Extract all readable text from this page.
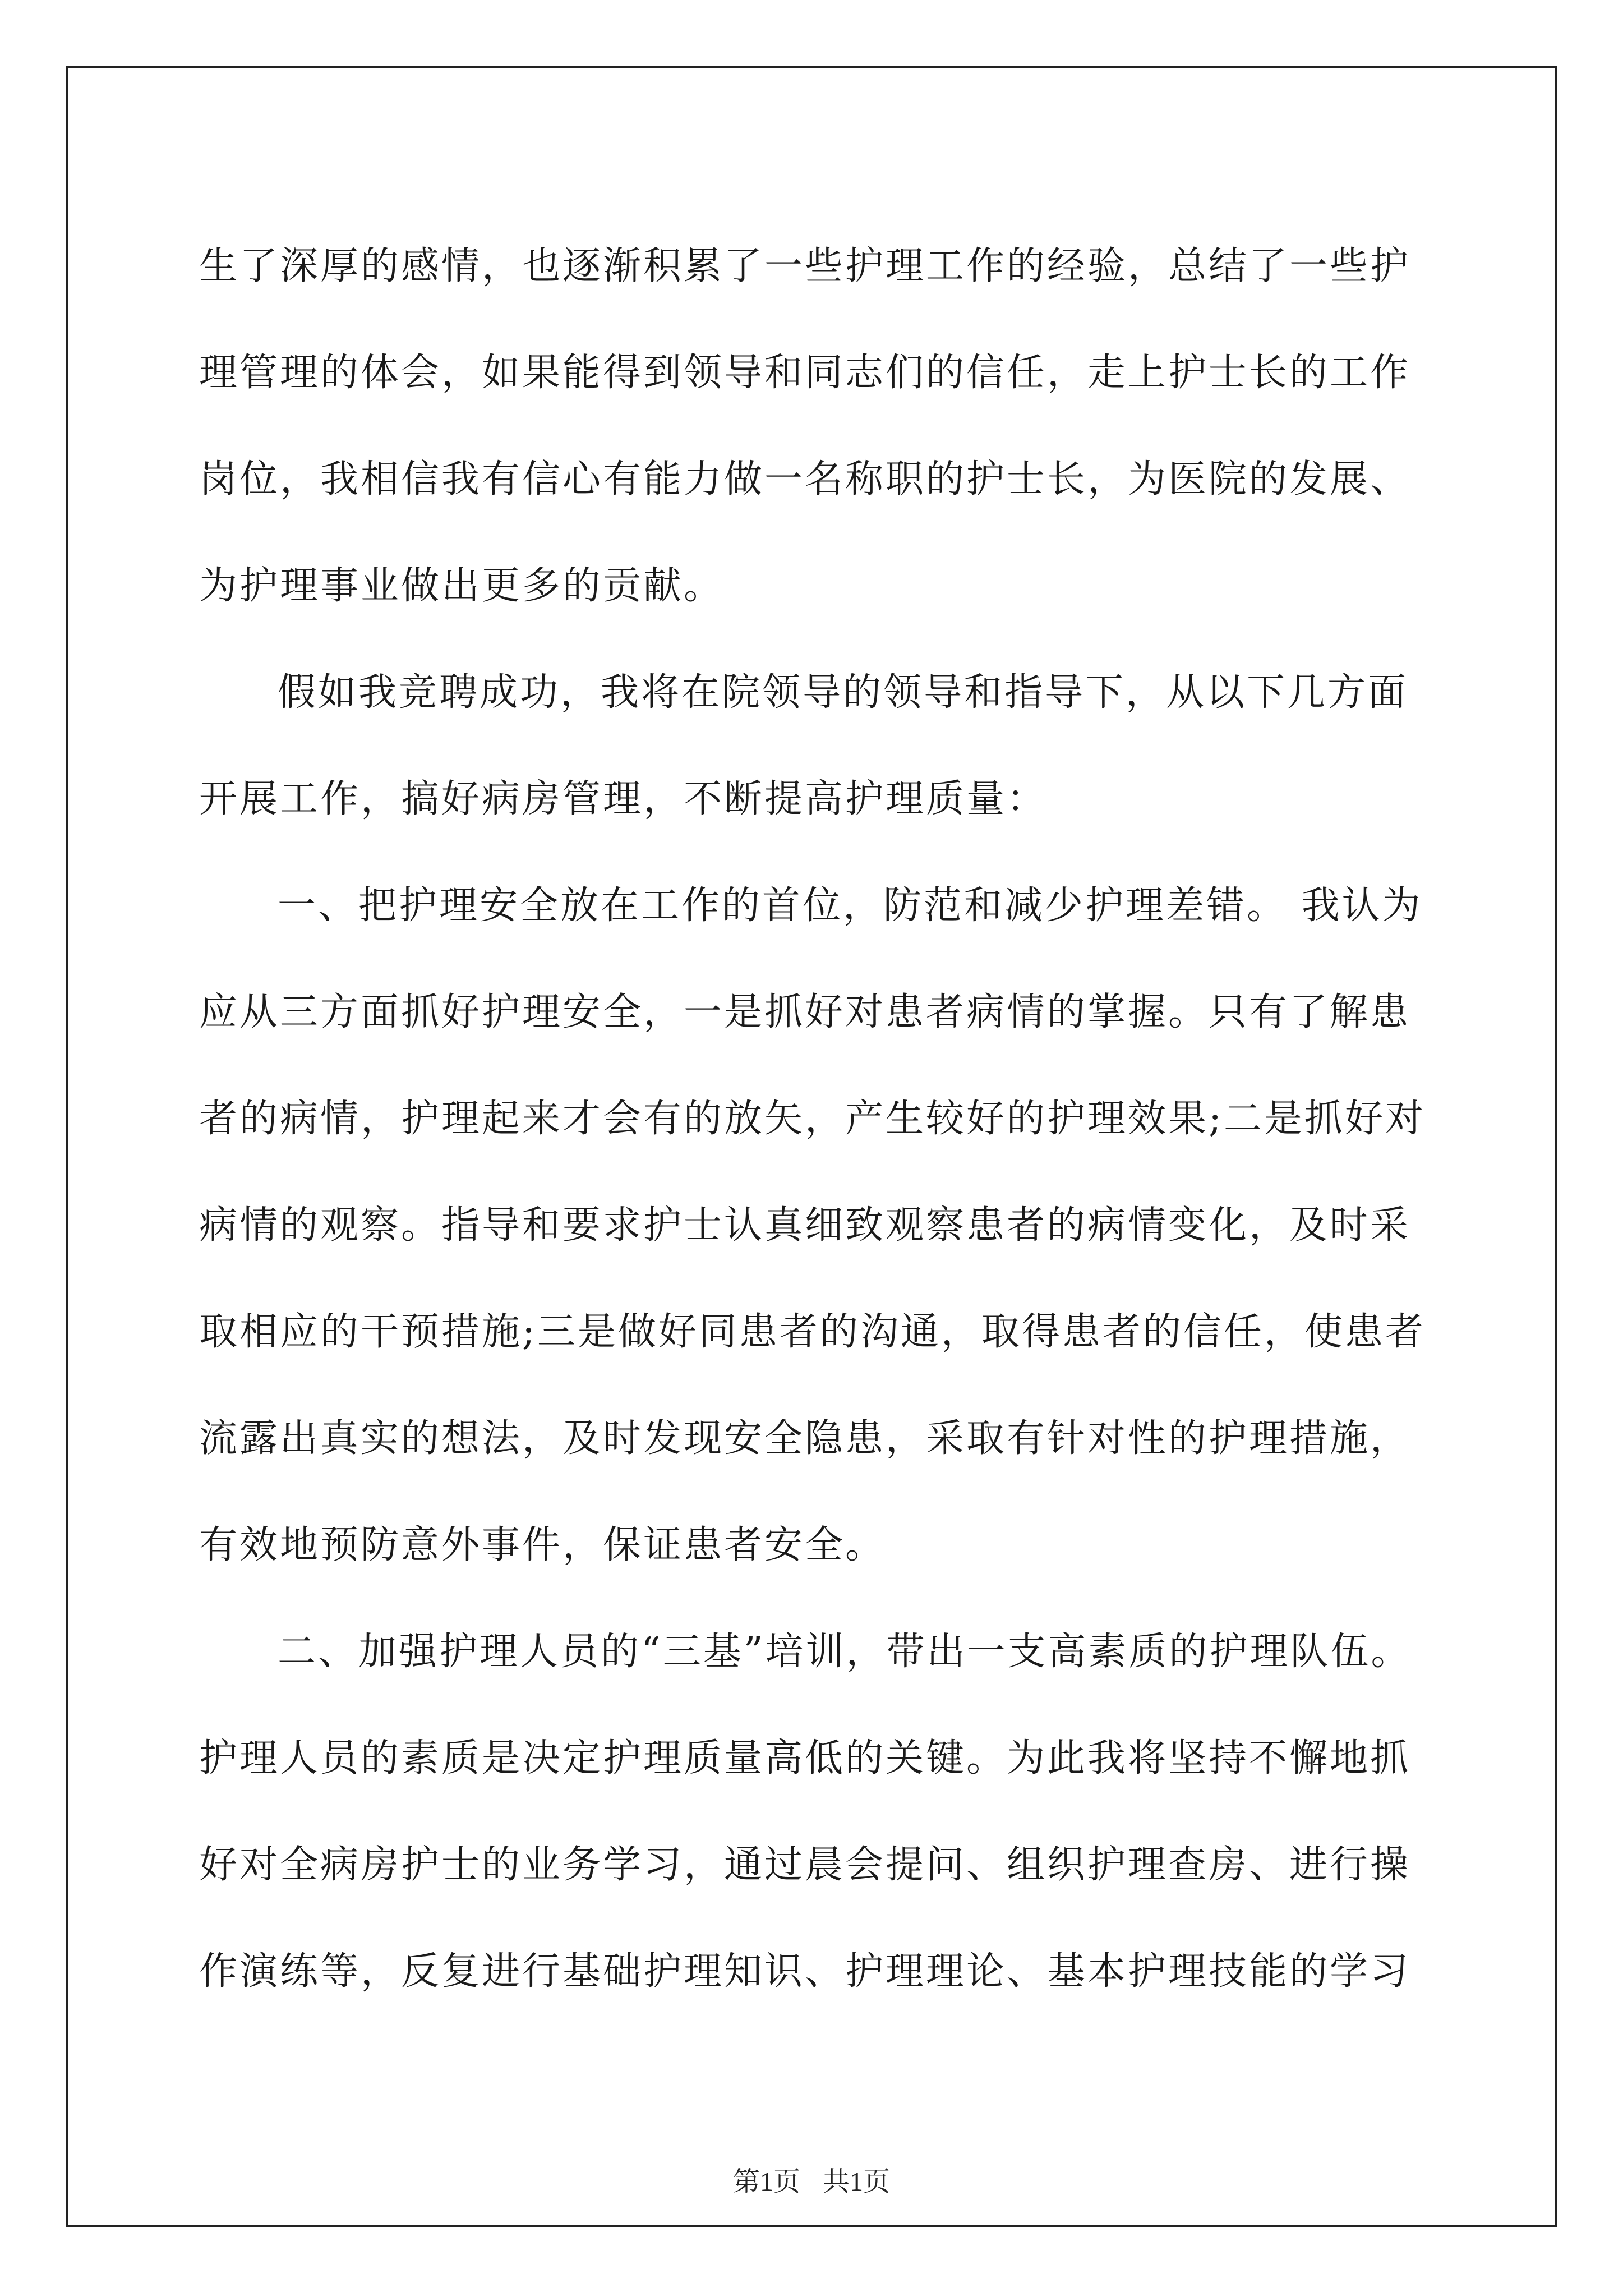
生了深厚的感情，也逐渐积累了一些护理工作的经验，总结了一些护
理管理的体会，如果能得到领导和同志们的信任，走上护士长的工作
岗位，我相信我有信心有能力做一名称职的护士长，为医院的发展、
为护理事业做出更多的贡献。
假如我竞聘成功，我将在院领导的领导和指导下，从以下几方面
开展工作，搞好病房管理，不断提高护理质量：
一、把护理安全放在工作的首位，防范和减少护理差错。 我认为
应从三方面抓好护理安全，一是抓好对患者病情的掌握。只有了解患
者的病情，护理起来才会有的放矢，产生较好的护理效果;二是抓好对
病情的观察。指导和要求护士认真细致观察患者的病情变化，及时采
取相应的干预措施;三是做好同患者的沟通，取得患者的信任，使患者
流露出真实的想法，及时发现安全隐患，采取有针对性的护理措施，
有效地预防意外事件，保证患者安全。
二、加强护理人员的“三基”培训，带出一支高素质的护理队伍。
护理人员的素质是决定护理质量高低的关键。为此我将坚持不懈地抓
好对全病房护士的业务学习，通过晨会提问、组织护理查房、进行操
作演练等，反复进行基础护理知识、护理理论、基本护理技能的学习
第1页 共1页
